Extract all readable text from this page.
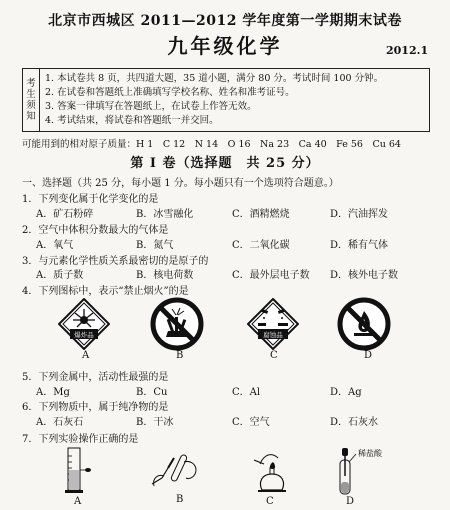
北京市西城区 2011—2012 学年度第一学期期末试卷
九年级化学	2012.1
考
生
须
知
1. 本试卷共 8 页，共四道大题，35 道小题，满分 80 分。考试时间 100 分钟。
2. 在试卷和答题纸上准确填写学校名称、姓名和准考证号。
3. 答案一律填写在答题纸上，在试卷上作答无效。
4. 考试结束，将试卷和答题纸一并交回。
可能用到的相对原子质量：H 1　C 12　N 14　O 16　Na 23　Ca 40　Fe 56　Cu 64
第 I 卷（选择题　共 25 分）
一、选择题（共 25 分，每小题 1 分。每小题只有一个选项符合题意。）
1．下列变化属于化学变化的是
A．矿石粉碎	B．冰雪融化	C．酒精燃烧	D．汽油挥发
2．空气中体积分数最大的气体是
A．氧气	B．氮气	C．二氧化碳	D．稀有气体
3．与元素化学性质关系最密切的是原子的
A．质子数	B．核电荷数	C．最外层电子数 D．核外电子数
4．下列图标中，表示“禁止烟火”的是
爆炸品	腐蚀品
A	B	C	D
5．下列金属中，活动性最强的是
A．Mg	B．Cu	C．Al	D．Ag
6．下列物质中，属于纯净物的是
A．石灰石	B．干冰	C．空气	D．石灰水
7．下列实验操作正确的是
稀盐酸
A	B	C	D
